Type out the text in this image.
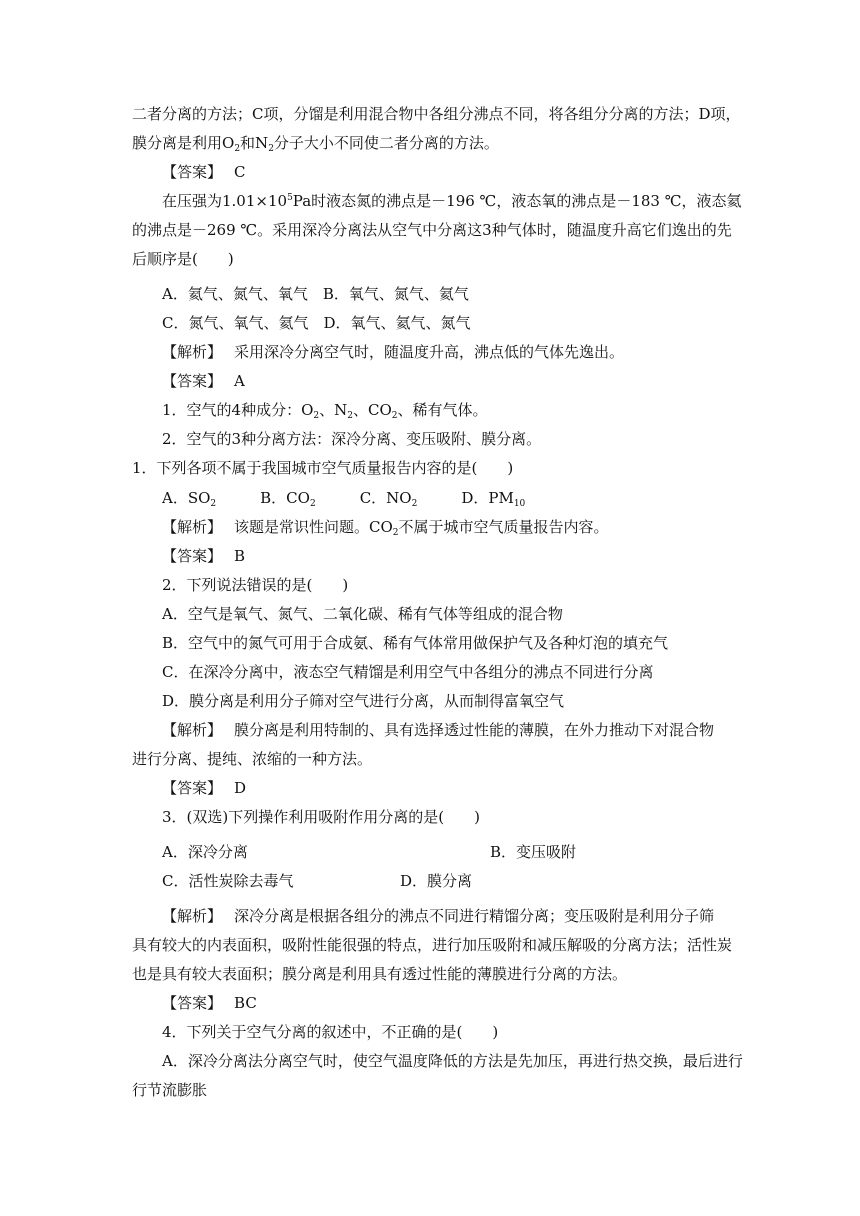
二者分离的方法；C项，分馏是利用混合物中各组分沸点不同，将各组分分离的方法；D项，
膜分离是利用$O_2$和$N_2$分子大小不同使二者分离的方法。
【答案】 C
在压强为$1.01\times 10^5Pa$时液态氮的沸点是－196 ℃，液态氧的沸点是－183 ℃，液态氦
的沸点是－269 ℃。采用深冷分离法从空气中分离这3种气体时，随温度升高它们逸出的先
后顺序是(　　)
A．氦气、氮气、氧气　B．氧气、氮气、氦气
C．氮气、氧气、氦气　D．氧气、氦气、氮气
【解析】 采用深冷分离空气时，随温度升高，沸点低的气体先逸出。
【答案】 A
1．空气的4种成分：$O_2$、$N_2$、$CO_2$、稀有气体。
2．空气的3种分离方法：深冷分离、变压吸附、膜分离。
1．下列各项不属于我国城市空气质量报告内容的是(　　)
A．$SO_2$	B．$CO_2$	C．$NO_2$	D．$PM_{10}$
【解析】 该题是常识性问题。$CO_2$不属于城市空气质量报告内容。
【答案】 B
2．下列说法错误的是(　　)
A．空气是氧气、氮气、二氧化碳、稀有气体等组成的混合物
B．空气中的氮气可用于合成氨、稀有气体常用做保护气及各种灯泡的填充气
C．在深冷分离中，液态空气精馏是利用空气中各组分的沸点不同进行分离
D．膜分离是利用分子筛对空气进行分离，从而制得富氧空气
【解析】 膜分离是利用特制的、具有选择透过性能的薄膜，在外力推动下对混合物
进行分离、提纯、浓缩的一种方法。
【答案】 D
3．(双选)下列操作利用吸附作用分离的是(　　)
A．深冷分离	B．变压吸附
C．活性炭除去毒气	D．膜分离
【解析】 深冷分离是根据各组分的沸点不同进行精馏分离；变压吸附是利用分子筛
具有较大的内表面积，吸附性能很强的特点，进行加压吸附和减压解吸的分离方法；活性炭
也是具有较大表面积；膜分离是利用具有透过性能的薄膜进行分离的方法。
【答案】 BC
4．下列关于空气分离的叙述中，不正确的是(　　)
A．深冷分离法分离空气时，使空气温度降低的方法是先加压，再进行热交换，最后进行
行节流膨胀
